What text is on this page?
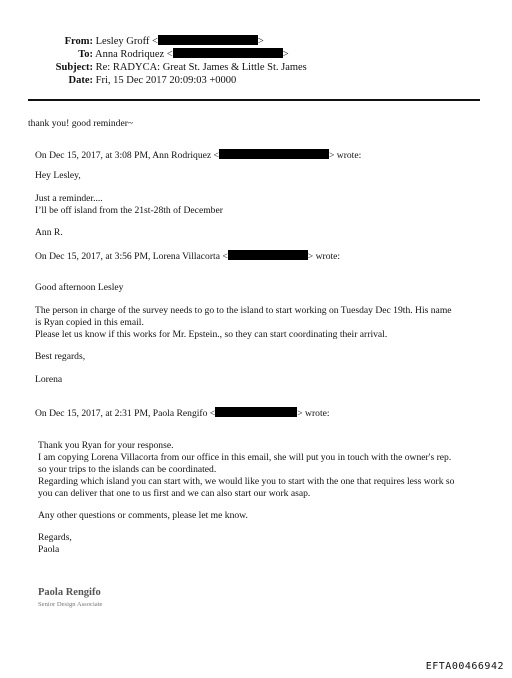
From: Lesley Groff <	>
To: Anna Rodriquez <	>
Subject: Re: RADYCA: Great St. James & Little St. James
Date: Fri, 15 Dec 2017 20:09:03 +0000
thank you! good reminder~
On Dec 15, 2017, at 3:08 PM, Ann Rodriquez <	> wrote:
Hey Lesley,
Just a reminder....
I’ll be off island from the 21st-28th of December
Ann R.
On Dec 15, 2017, at 3:56 PM, Lorena Villacorta <	> wrote:
Good afternoon Lesley
The person in charge of the survey needs to go to the island to start working on Tuesday Dec 19th. His name
is Ryan copied in this email.
Please let us know if this works for Mr. Epstein., so they can start coordinating their arrival.
Best regards,
Lorena
On Dec 15, 2017, at 2:31 PM, Paola Rengifo <	> wrote:
Thank you Ryan for your response.
I am copying Lorena Villacorta from our office in this email, she will put you in touch with the owner's rep.
so your trips to the islands can be coordinated.
Regarding which island you can start with, we would like you to start with the one that requires less work so
you can deliver that one to us first and we can also start our work asap.
Any other questions or comments, please let me know.
Regards,
Paola
Paola Rengifo
Senior Design Associate
EFTA00466942
